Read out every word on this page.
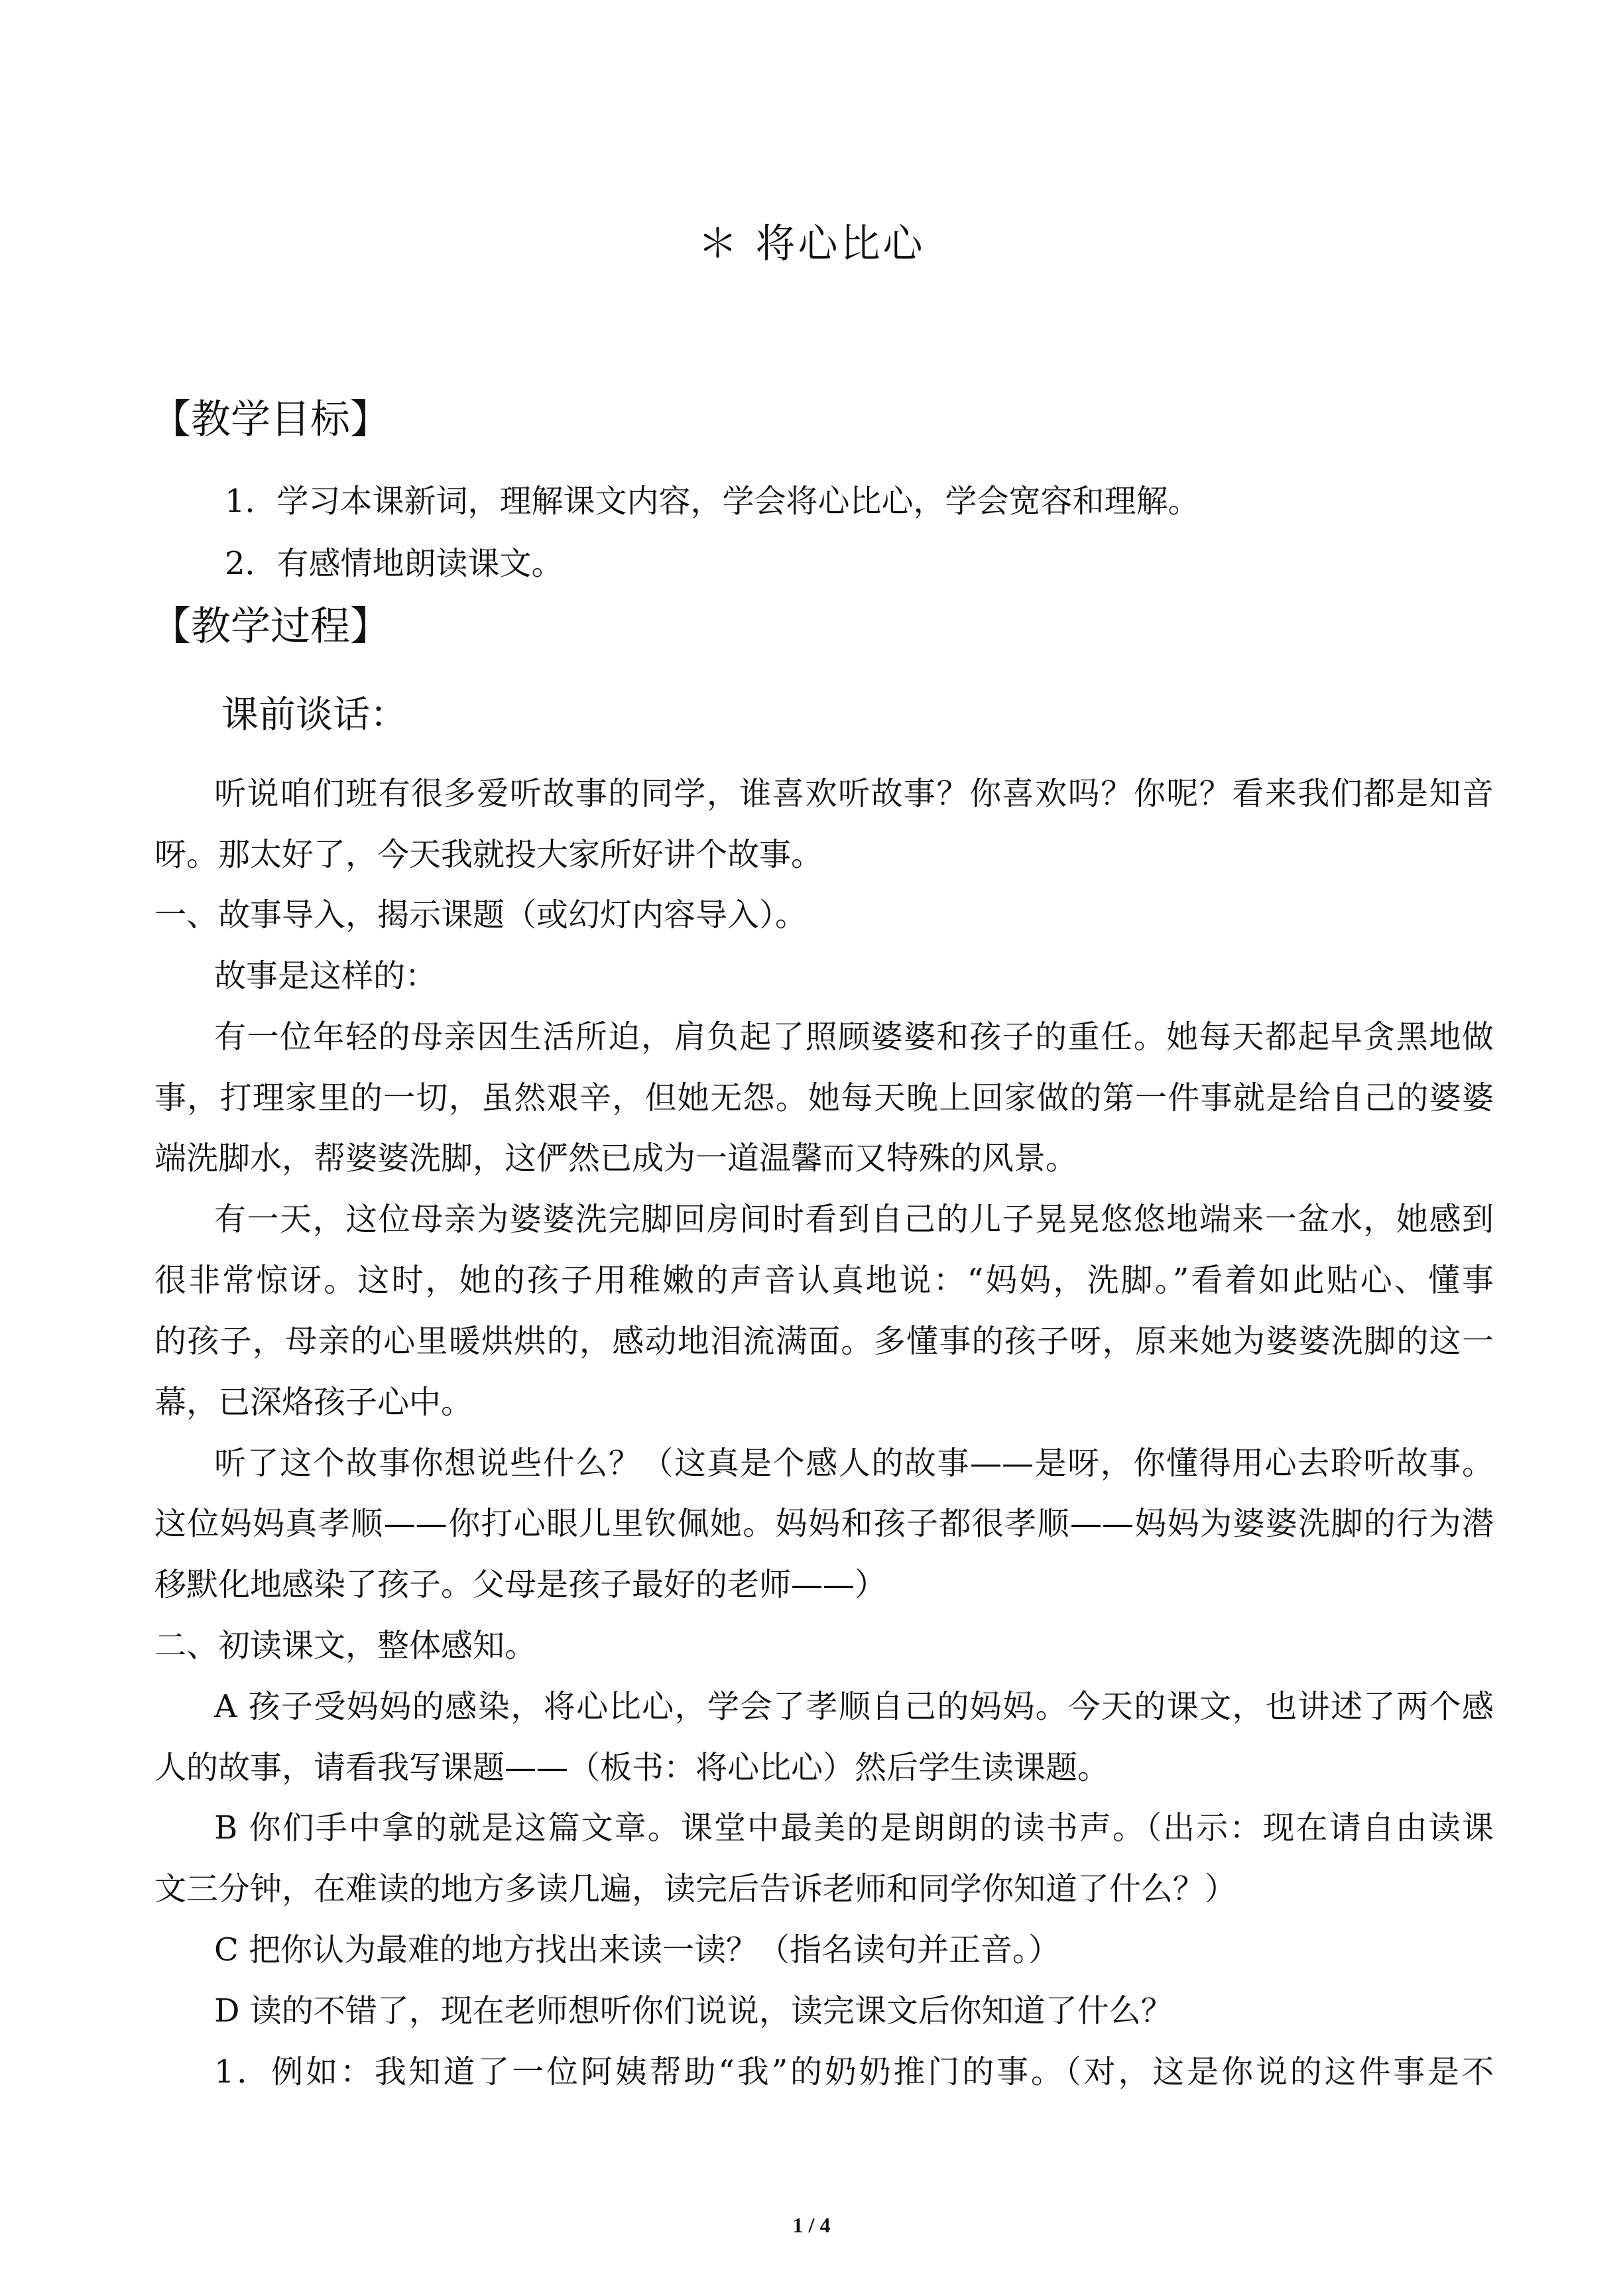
＊ 将心比心
【教学目标】
1．学习本课新词，理解课文内容，学会将心比心，学会宽容和理解。
2．有感情地朗读课文。
【教学过程】
课前谈话：
听说咱们班有很多爱听故事的同学，谁喜欢听故事？你喜欢吗？你呢？看来我们都是知音
呀。那太好了，今天我就投大家所好讲个故事。
一、故事导入，揭示课题（或幻灯内容导入）。
故事是这样的：
有一位年轻的母亲因生活所迫，肩负起了照顾婆婆和孩子的重任。她每天都起早贪黑地做
事，打理家里的一切，虽然艰辛，但她无怨。她每天晚上回家做的第一件事就是给自己的婆婆
端洗脚水，帮婆婆洗脚，这俨然已成为一道温馨而又特殊的风景。
有一天，这位母亲为婆婆洗完脚回房间时看到自己的儿子晃晃悠悠地端来一盆水，她感到
很非常惊讶。这时，她的孩子用稚嫩的声音认真地说：“妈妈，洗脚。”看着如此贴心、懂事
的孩子，母亲的心里暖烘烘的，感动地泪流满面。多懂事的孩子呀，原来她为婆婆洗脚的这一
幕，已深烙孩子心中。
听了这个故事你想说些什么？（这真是个感人的故事——是呀，你懂得用心去聆听故事。
这位妈妈真孝顺——你打心眼儿里钦佩她。妈妈和孩子都很孝顺——妈妈为婆婆洗脚的行为潜
移默化地感染了孩子。父母是孩子最好的老师——）
二、初读课文，整体感知。
A 孩子受妈妈的感染，将心比心，学会了孝顺自己的妈妈。今天的课文，也讲述了两个感
人的故事，请看我写课题——（板书：将心比心）然后学生读课题。
B 你们手中拿的就是这篇文章。课堂中最美的是朗朗的读书声。（出示：现在请自由读课
文三分钟，在难读的地方多读几遍，读完后告诉老师和同学你知道了什么？）
C 把你认为最难的地方找出来读一读？（指名读句并正音。）
D 读的不错了，现在老师想听你们说说，读完课文后你知道了什么？
1．例如：我知道了一位阿姨帮助“我”的奶奶推门的事。（对，这是你说的这件事是不
1 / 4
